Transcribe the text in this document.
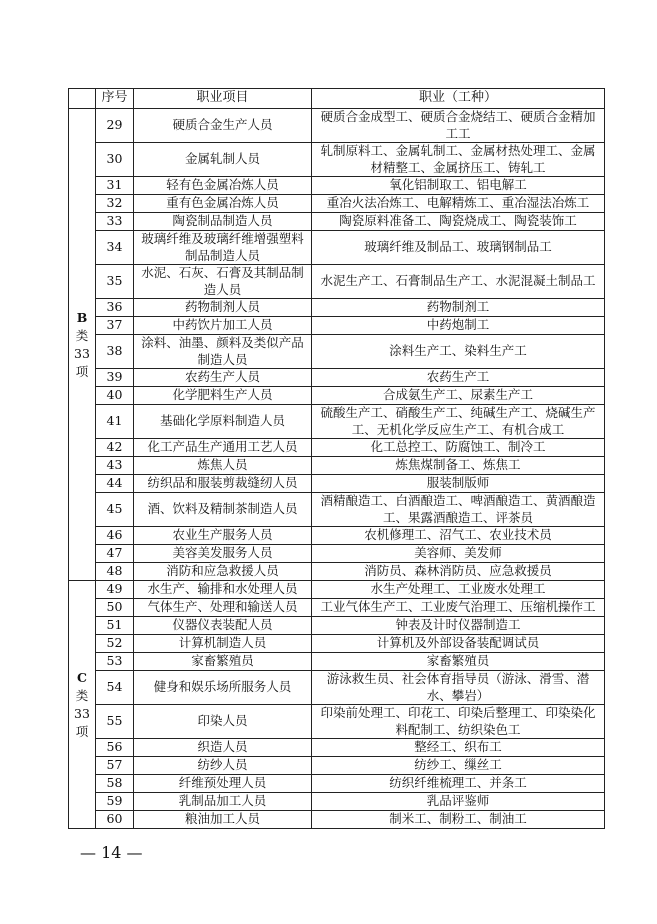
	序号	职业项目	职业（工种）

B
类
33
项	29	硬质合金生产人员	硬质合金成型工、硬质合金烧结工、硬质合金精加工工
	30	金属轧制人员	轧制原料工、金属轧制工、金属材热处理工、金属材精整工、金属挤压工、铸轧工
	31	轻有色金属冶炼人员	氧化铝制取工、铝电解工
	32	重有色金属冶炼人员	重冶火法冶炼工、电解精炼工、重冶湿法冶炼工
	33	陶瓷制品制造人员	陶瓷原料准备工、陶瓷烧成工、陶瓷装饰工
	34	玻璃纤维及玻璃纤维增强塑料制品制造人员	玻璃纤维及制品工、玻璃钢制品工
	35	水泥、石灰、石膏及其制品制造人员	水泥生产工、石膏制品生产工、水泥混凝土制品工
	36	药物制剂人员	药物制剂工
	37	中药饮片加工人员	中药炮制工
	38	涂料、油墨、颜料及类似产品制造人员	涂料生产工、染料生产工
	39	农药生产人员	农药生产工
	40	化学肥料生产人员	合成氨生产工、尿素生产工
	41	基础化学原料制造人员	硫酸生产工、硝酸生产工、纯碱生产工、烧碱生产工、无机化学反应生产工、有机合成工
	42	化工产品生产通用工艺人员	化工总控工、防腐蚀工、制冷工
	43	炼焦人员	炼焦煤制备工、炼焦工
	44	纺织品和服装剪裁缝纫人员	服装制版师
	45	酒、饮料及精制茶制造人员	酒精酿造工、白酒酿造工、啤酒酿造工、黄酒酿造工、果露酒酿造工、评茶员
	46	农业生产服务人员	农机修理工、沼气工、农业技术员
	47	美容美发服务人员	美容师、美发师
	48	消防和应急救援人员	消防员、森林消防员、应急救援员

C
类
33
项	49	水生产、输排和水处理人员	水生产处理工、工业废水处理工
	50	气体生产、处理和输送人员	工业气体生产工、工业废气治理工、压缩机操作工
	51	仪器仪表装配人员	钟表及计时仪器制造工
	52	计算机制造人员	计算机及外部设备装配调试员
	53	家畜繁殖员	家畜繁殖员
	54	健身和娱乐场所服务人员	游泳救生员、社会体育指导员（游泳、滑雪、潜水、攀岩）
	55	印染人员	印染前处理工、印花工、印染后整理工、印染染化料配制工、纺织染色工
	56	织造人员	整经工、织布工
	57	纺纱人员	纺纱工、缫丝工
	58	纤维预处理人员	纺织纤维梳理工、并条工
	59	乳制品加工人员	乳品评鉴师
	60	粮油加工人员	制米工、制粉工、制油工
— 14 —
